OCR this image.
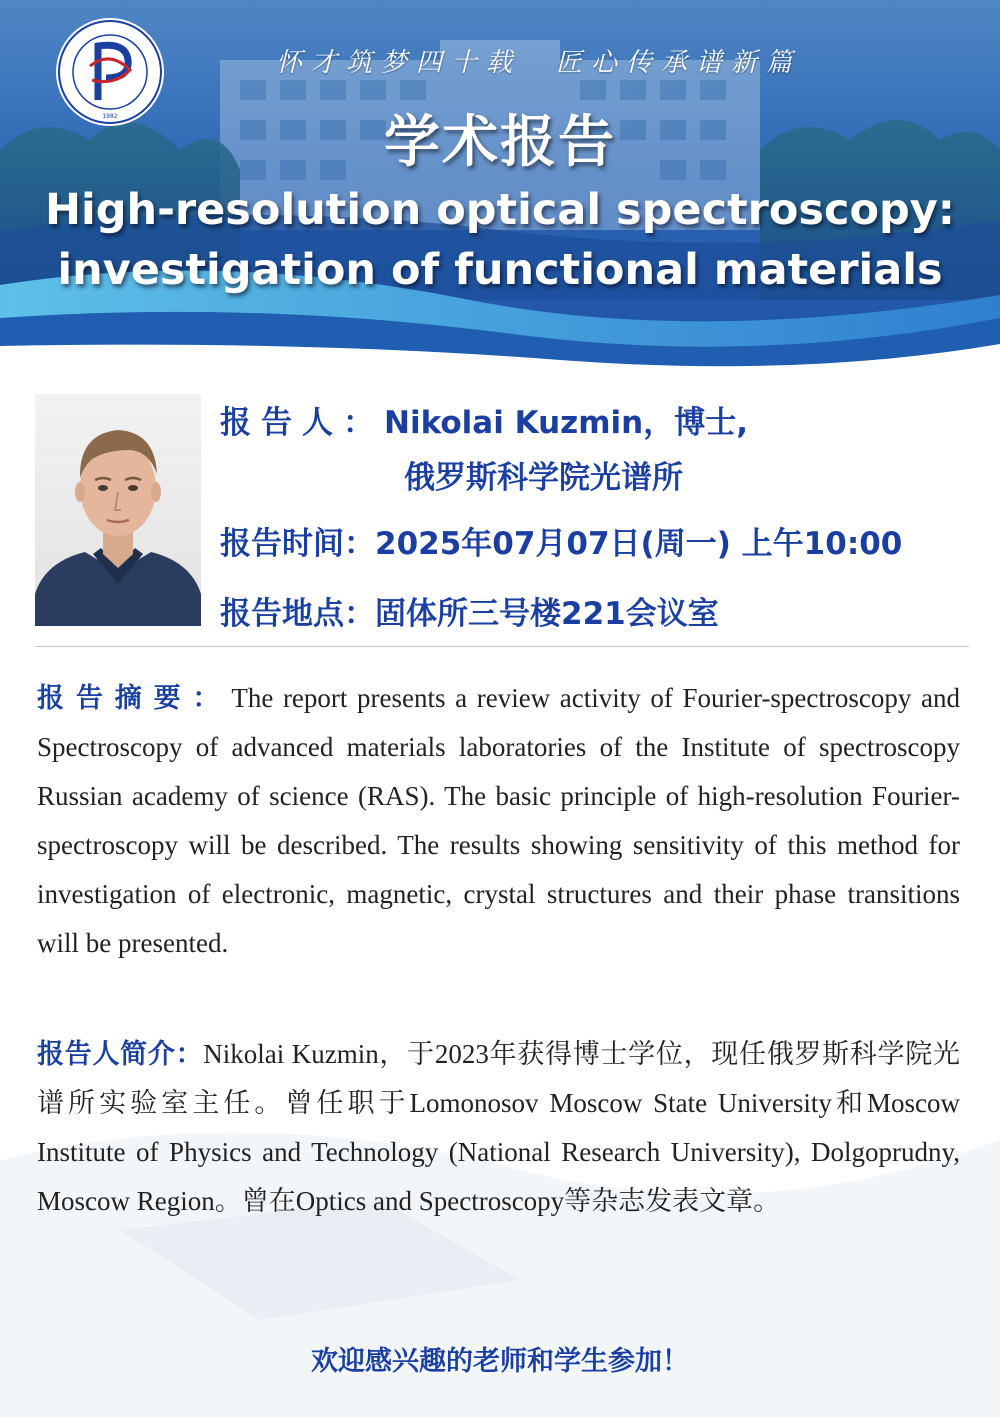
1982
怀才筑梦四十载 匠心传承谱新篇
学术报告
High-resolution optical spectroscopy:
investigation of functional materials
报告人：Nikolai Kuzmin，博士,
俄罗斯科学院光谱所
报告时间：2025年07月07日(周一) 上午10:00
报告地点：固体所三号楼221会议室
报告摘要：The report presents a review activity of Fourier-spectroscopy and Spectroscopy of advanced materials laboratories of the Institute of spectroscopy Russian academy of science (RAS). The basic principle of high-resolution Fourier-spectroscopy will be described. The results showing sensitivity of this method for investigation of electronic, magnetic, crystal structures and their phase transitions will be presented.
报告人简介：Nikolai Kuzmin，于2023年获得博士学位，现任俄罗斯科学院光谱所实验室主任。曾任职于Lomonosov Moscow State University和Moscow Institute of Physics and Technology (National Research University), Dolgoprudny, Moscow Region。曾在Optics and Spectroscopy等杂志发表文章。
欢迎感兴趣的老师和学生参加！
